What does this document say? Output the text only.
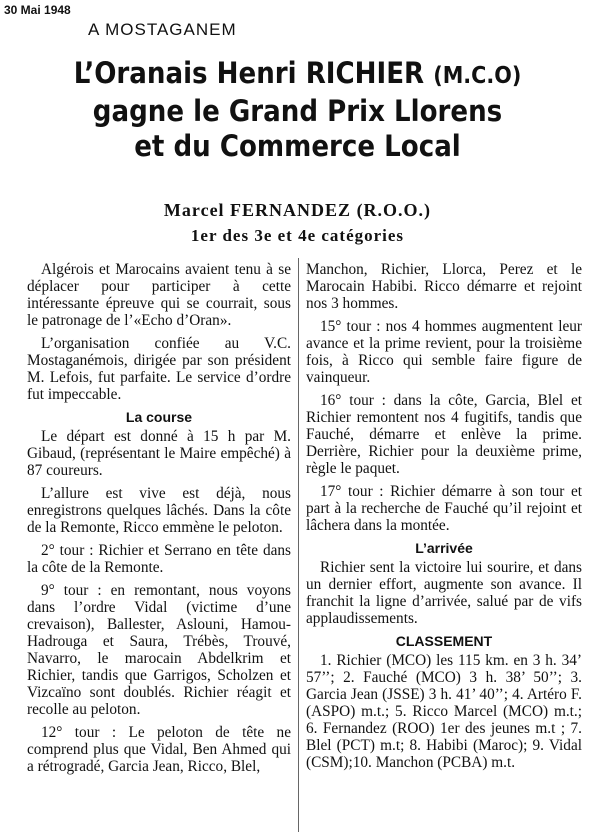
30 Mai 1948
A MOSTAGANEM
L’Oranais Henri RICHIER (M.C.O)
gagne le Grand Prix Llorens
et du Commerce Local
Marcel FERNANDEZ (R.O.O.)
1er des 3e et 4e catégories

Algérois et Marocains avaient tenu à se déplacer pour participer à cette intéressante épreuve qui se courrait, sous le patronage de l’«Echo d’Oran».

L’organisation confiée au V.C. Mostaganémois, dirigée par son président M. Lefois, fut parfaite. Le service d’ordre fut impeccable.

La course

Le départ est donné à 15 h par M. Gibaud, (représentant le Maire empêché) à 87 coureurs.

L’allure est vive est déjà, nous enregistrons quelques lâchés. Dans la côte de la Remonte, Ricco emmène le peloton.

2° tour : Richier et Serrano en tête dans la côte de la Remonte.

9° tour : en remontant, nous voyons dans l’ordre Vidal (victime d’une crevaison), Ballester, Aslouni, Hamou-Hadrouga et Saura, Trébès, Trouvé, Navarro, le marocain Abdelkrim et Richier, tandis que Garrigos, Scholzen et Vizcaïno sont doublés. Richier réagit et recolle au peloton.

12° tour : Le peloton de tête ne comprend plus que Vidal, Ben Ahmed qui a rétrogradé, Garcia Jean, Ricco, Blel,

Manchon, Richier, Llorca, Perez et le Marocain Habibi. Ricco démarre et rejoint nos 3 hommes.

15° tour : nos 4 hommes augmentent leur avance et la prime revient, pour la troisième fois, à Ricco qui semble faire figure de vainqueur.

16° tour : dans la côte, Garcia, Blel et Richier remontent nos 4 fugitifs, tandis que Fauché, démarre et enlève la prime. Derrière, Richier pour la deuxième prime, règle le paquet.

17° tour : Richier démarre à son tour et part à la recherche de Fauché qu’il rejoint et lâchera dans la montée.

L’arrivée

Richier sent la victoire lui sourire, et dans un dernier effort, augmente son avance. Il franchit la ligne d’arrivée, salué par de vifs applaudissements.

CLASSEMENT

1. Richier (MCO) les 115 km. en 3 h. 34’ 57’’; 2. Fauché (MCO) 3 h. 38’ 50’’; 3. Garcia Jean (JSSE) 3 h. 41’ 40’’; 4. Artéro F. (ASPO) m.t.; 5. Ricco Marcel (MCO) m.t.; 6. Fernandez (ROO) 1er des jeunes m.t ; 7. Blel (PCT) m.t; 8. Habibi (Maroc); 9. Vidal (CSM);10. Manchon (PCBA) m.t.
